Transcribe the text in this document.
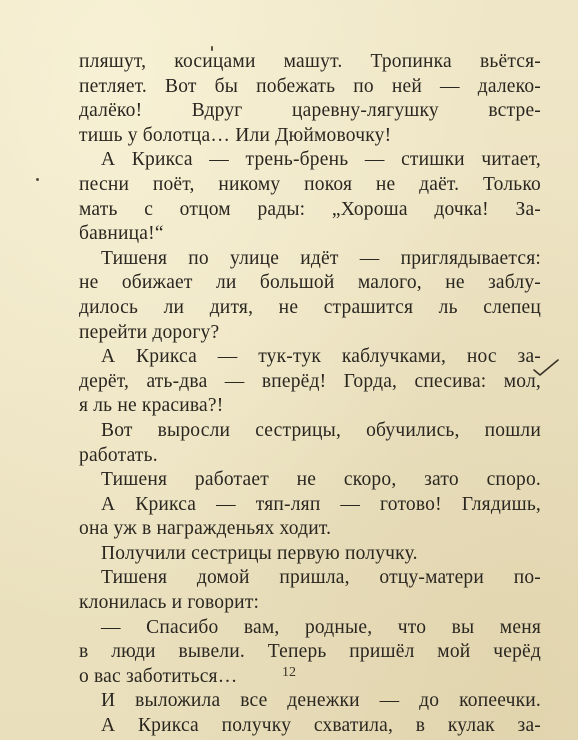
пляшут, косицами машут. Тропинка вьётся-
петляет. Вот бы побежать по ней — далеко-
далёко! Вдруг царевну-лягушку встре-
тишь у болотца… Или Дюймовочку!
А Крикса — трень-брень — стишки читает,
песни поёт, никому покоя не даёт. Только
мать с отцом рады: „Хороша дочка! За-
бавница!“
Тишеня по улице идёт — приглядывается:
не обижает ли большой малого, не заблу-
дилось ли дитя, не страшится ль слепец
перейти дорогу?
А Крикса — тук-тук каблучками, нос за-
дерёт, ать-два — вперёд! Горда, спесива: мол,
я ль не красива?!
Вот выросли сестрицы, обучились, пошли
работать.
Тишеня работает не скоро, зато споро.
А Крикса — тяп-ляп — готово! Глядишь,
она уж в награжденьях ходит.
Получили сестрицы первую получку.
Тишеня домой пришла, отцу-матери по-
клонилась и говорит:
— Спасибо вам, родные, что вы меня
в люди вывели. Теперь пришёл мой черёд
о вас заботиться…
И выложила все денежки — до копеечки.
А Крикса получку схватила, в кулак за-
12
